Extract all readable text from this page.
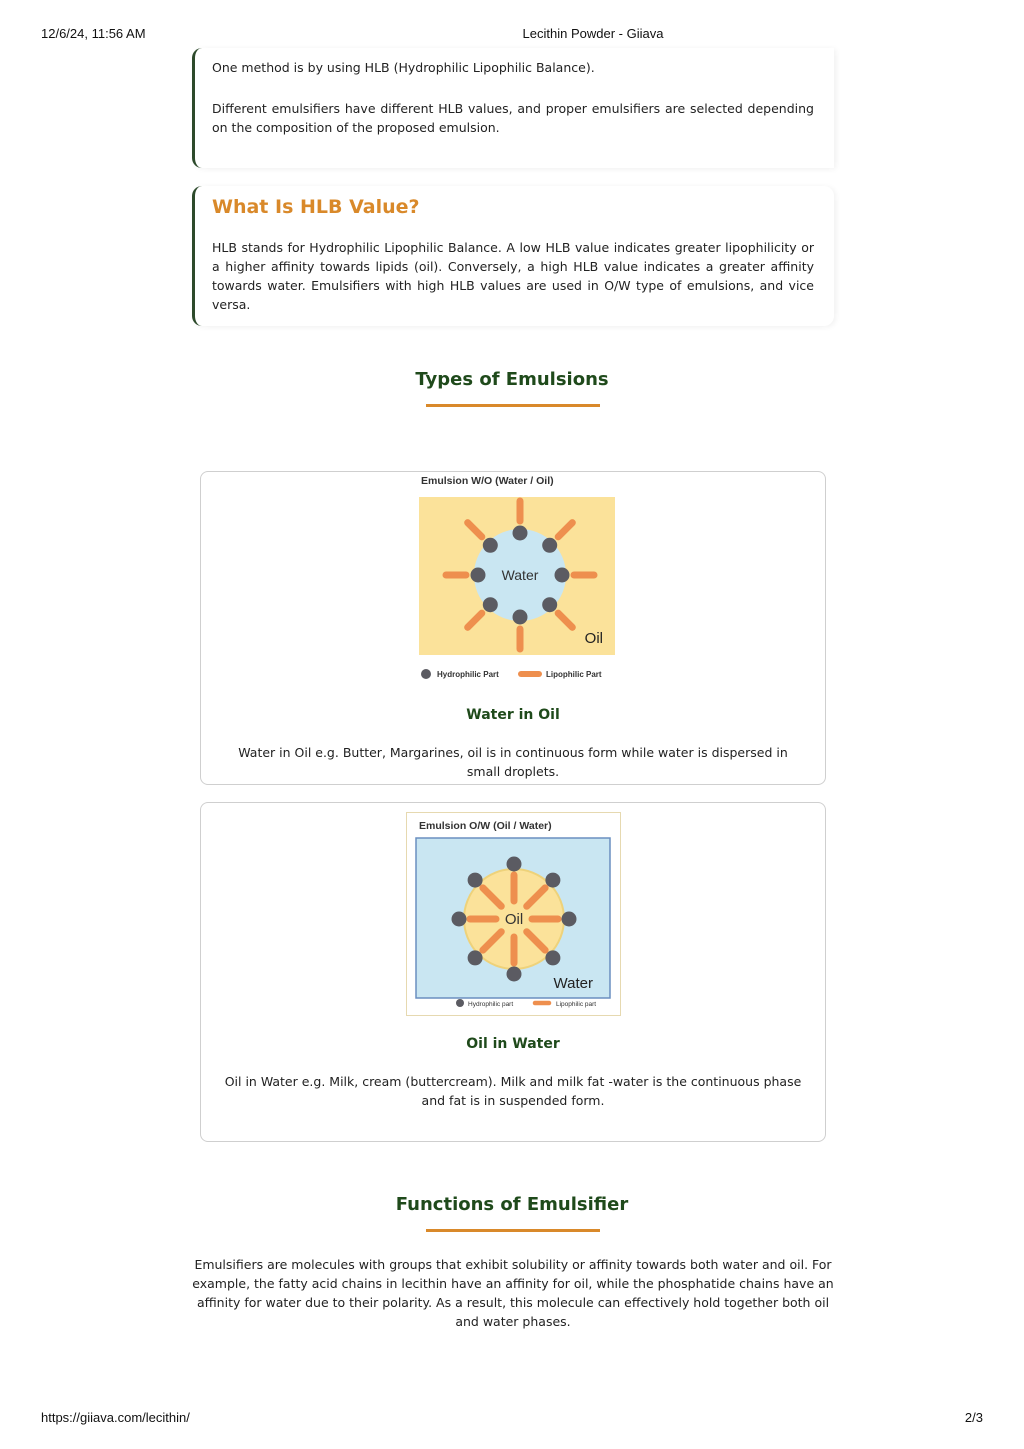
12/6/24, 11:56 AM	Lecithin Powder - Giiava

One method is by using HLB (Hydrophilic Lipophilic Balance).

Different emulsifiers have different HLB values, and proper emulsifiers are selected depending on the composition of the proposed emulsion.

What Is HLB Value?

HLB stands for Hydrophilic Lipophilic Balance. A low HLB value indicates greater lipophilicity or a higher affinity towards lipids (oil). Conversely, a high HLB value indicates a greater affinity towards water. Emulsifiers with high HLB values are used in O/W type of emulsions, and vice versa.

Types of Emulsions
Emulsion W/O (Water / Oil)
Water
Oil
Hydrophilic Part	Lipophilic Part
Water in Oil
Water in Oil e.g. Butter, Margarines, oil is in continuous form while water is dispersed in small droplets.
Emulsion O/W (Oil / Water)
Oil
Water
Hydrophilic part	Lipophilic part
Oil in Water
Oil in Water e.g. Milk, cream (buttercream). Milk and milk fat -water is the continuous phase and fat is in suspended form.
Functions of Emulsifier
Emulsifiers are molecules with groups that exhibit solubility or affinity towards both water and oil. For example, the fatty acid chains in lecithin have an affinity for oil, while the phosphatide chains have an affinity for water due to their polarity. As a result, this molecule can effectively hold together both oil and water phases.
https://giiava.com/lecithin/	2/3
